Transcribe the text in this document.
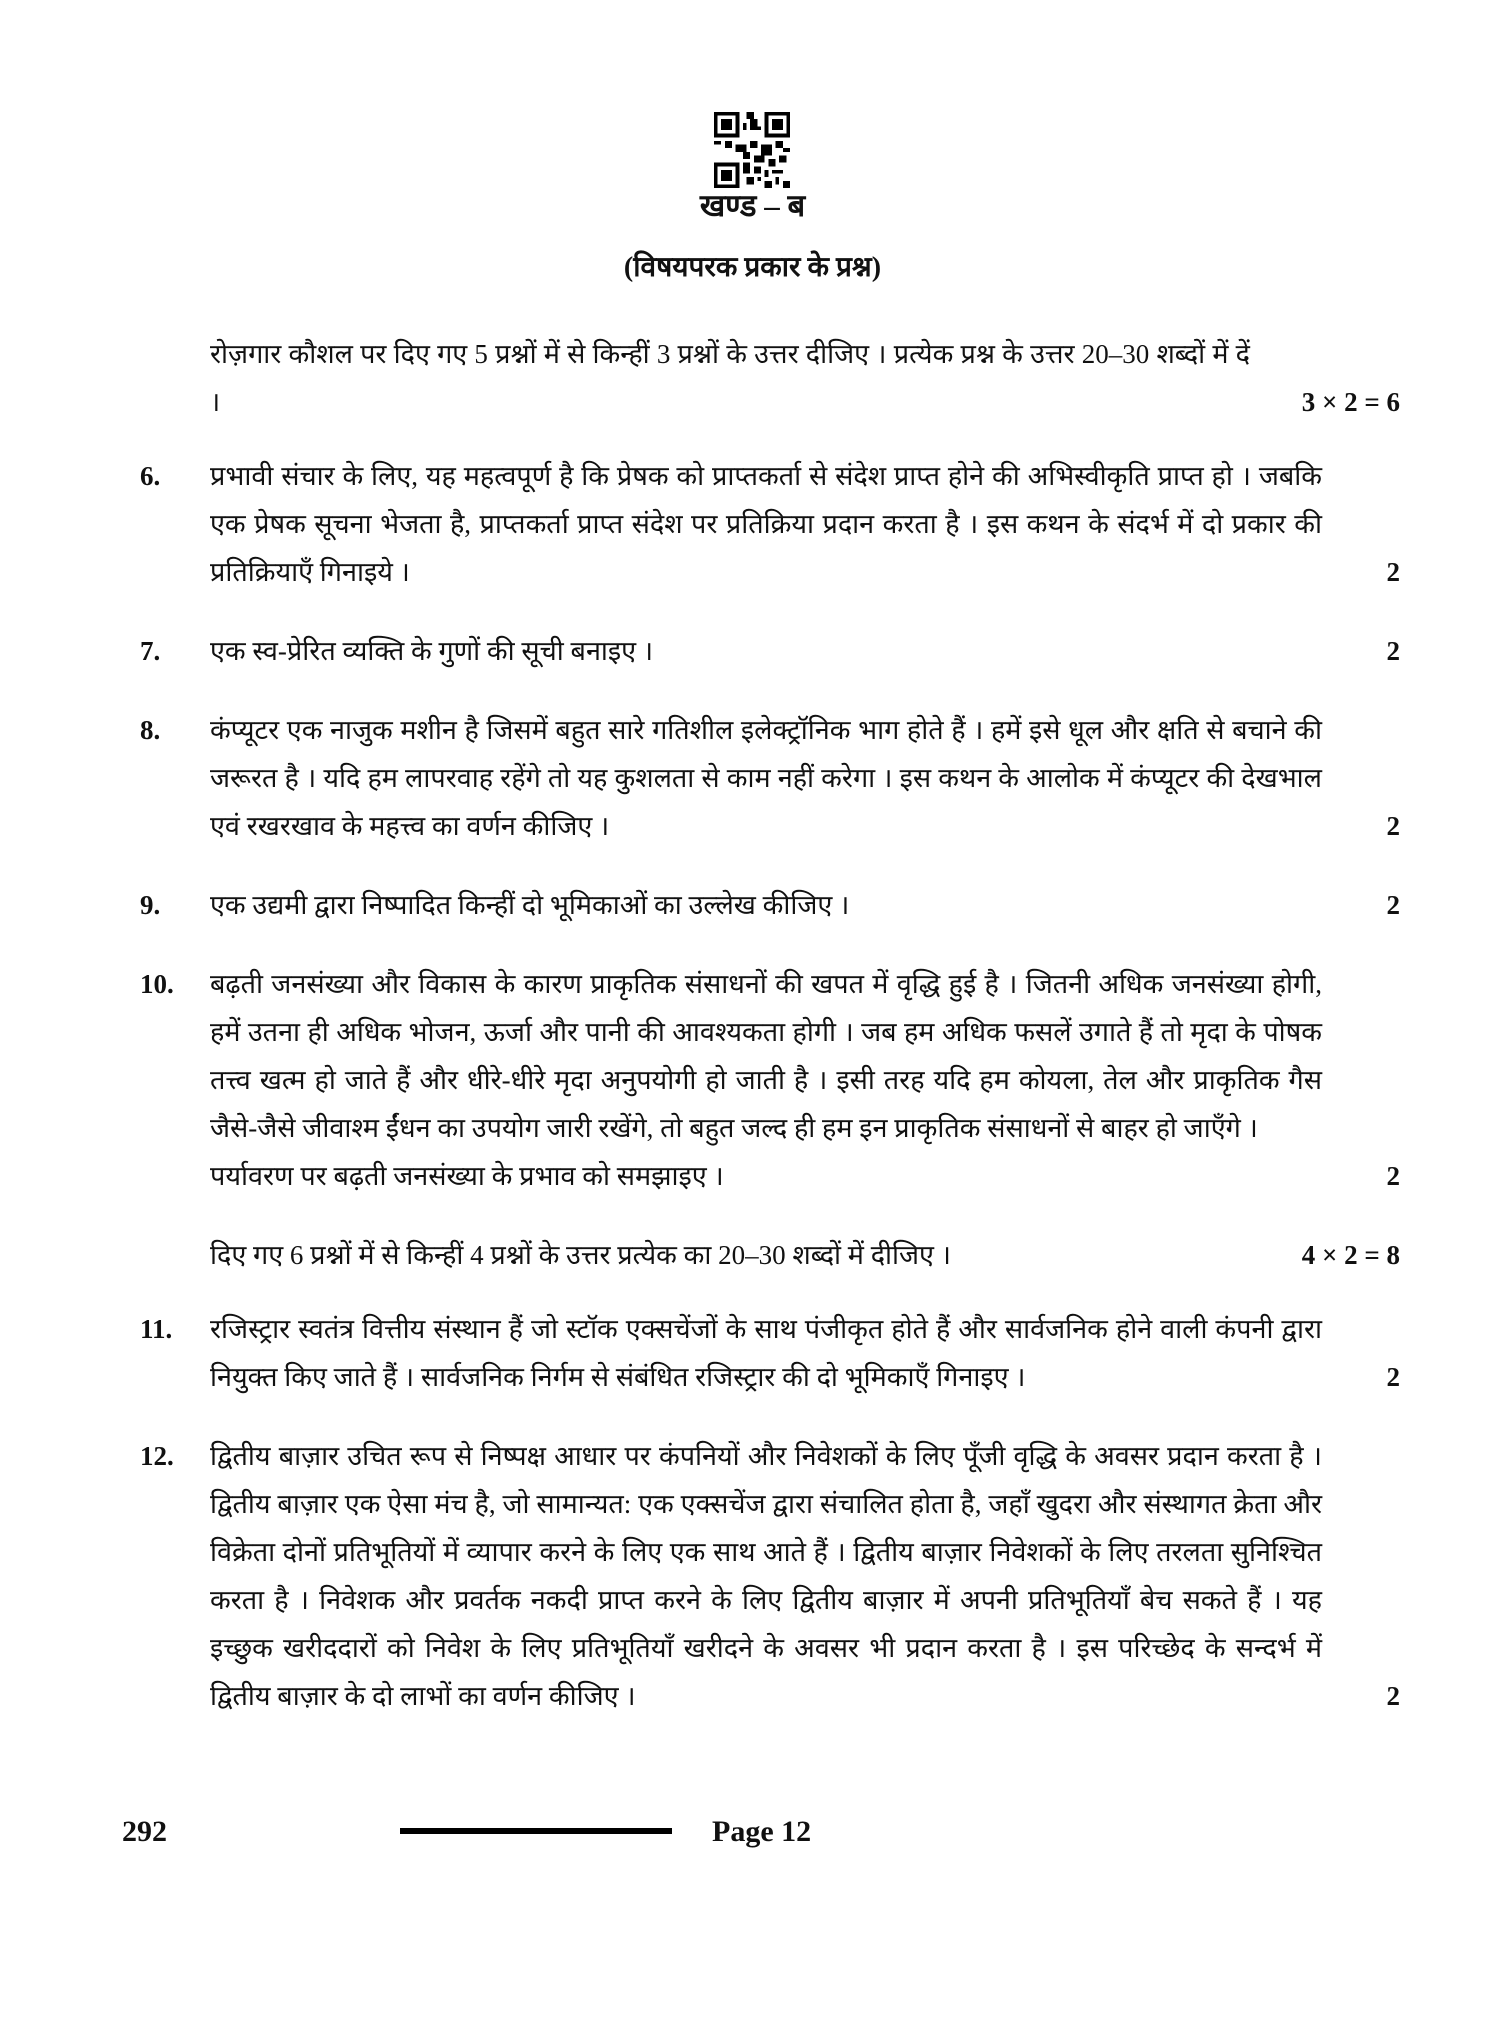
खण्ड – ब
(विषयपरक प्रकार के प्रश्न)

रोज़गार कौशल पर दिए गए 5 प्रश्नों में से किन्हीं 3 प्रश्नों के उत्तर दीजिए । प्रत्येक प्रश्न के उत्तर 20–30 शब्दों में दें ।	3 × 2 = 6
6.	प्रभावी संचार के लिए, यह महत्वपूर्ण है कि प्रेषक को प्राप्तकर्ता से संदेश प्राप्त होने की अभिस्वीकृति प्राप्त हो । जबकि एक प्रेषक सूचना भेजता है, प्राप्तकर्ता प्राप्त संदेश पर प्रतिक्रिया प्रदान करता है । इस कथन के संदर्भ में दो प्रकार की प्रतिक्रियाएँ गिनाइये ।	2
7.	एक स्व-प्रेरित व्यक्ति के गुणों की सूची बनाइए ।	2
8.	कंप्यूटर एक नाजुक मशीन है जिसमें बहुत सारे गतिशील इलेक्ट्रॉनिक भाग होते हैं । हमें इसे धूल और क्षति से बचाने की जरूरत है । यदि हम लापरवाह रहेंगे तो यह कुशलता से काम नहीं करेगा । इस कथन के आलोक में कंप्यूटर की देखभाल एवं रखरखाव के महत्त्व का वर्णन कीजिए ।	2
9.	एक उद्यमी द्वारा निष्पादित किन्हीं दो भूमिकाओं का उल्लेख कीजिए ।	2
10.	बढ़ती जनसंख्या और विकास के कारण प्राकृतिक संसाधनों की खपत में वृद्धि हुई है । जितनी अधिक जनसंख्या होगी, हमें उतना ही अधिक भोजन, ऊर्जा और पानी की आवश्यकता होगी । जब हम अधिक फसलें उगाते हैं तो मृदा के पोषक तत्त्व खत्म हो जाते हैं और धीरे-धीरे मृदा अनुपयोगी हो जाती है । इसी तरह यदि हम कोयला, तेल और प्राकृतिक गैस जैसे-जैसे जीवाश्म ईंधन का उपयोग जारी रखेंगे, तो बहुत जल्द ही हम इन प्राकृतिक संसाधनों से बाहर हो जाएँगे ।

पर्यावरण पर बढ़ती जनसंख्या के प्रभाव को समझाइए ।	2

दिए गए 6 प्रश्नों में से किन्हीं 4 प्रश्नों के उत्तर प्रत्येक का 20–30 शब्दों में दीजिए ।	4 × 2 = 8
11.	रजिस्ट्रार स्वतंत्र वित्तीय संस्थान हैं जो स्टॉक एक्सचेंजों के साथ पंजीकृत होते हैं और सार्वजनिक होने वाली कंपनी द्वारा नियुक्त किए जाते हैं । सार्वजनिक निर्गम से संबंधित रजिस्ट्रार की दो भूमिकाएँ गिनाइए ।	2
12.	द्वितीय बाज़ार उचित रूप से निष्पक्ष आधार पर कंपनियों और निवेशकों के लिए पूँजी वृद्धि के अवसर प्रदान करता है । द्वितीय बाज़ार एक ऐसा मंच है, जो सामान्यत: एक एक्सचेंज द्वारा संचालित होता है, जहाँ खुदरा और संस्थागत क्रेता और विक्रेता दोनों प्रतिभूतियों में व्यापार करने के लिए एक साथ आते हैं । द्वितीय बाज़ार निवेशकों के लिए तरलता सुनिश्चित करता है । निवेशक और प्रवर्तक नकदी प्राप्त करने के लिए द्वितीय बाज़ार में अपनी प्रतिभूतियाँ बेच सकते हैं । यह इच्छुक खरीददारों को निवेश के लिए प्रतिभूतियाँ खरीदने के अवसर भी प्रदान करता है । इस परिच्छेद के सन्दर्भ में द्वितीय बाज़ार के दो लाभों का वर्णन कीजिए ।	2
292	Page 12
